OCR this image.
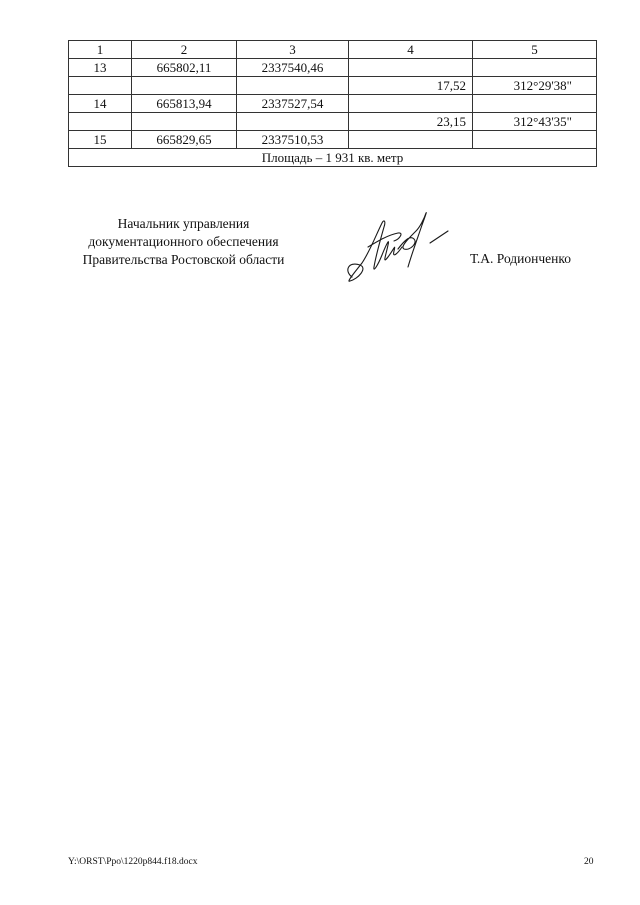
1	2	3	4	5
13	665802,11	2337540,46		
			17,52	312°29'38"
14	665813,94	2337527,54		
			23,15	312°43'35"
15	665829,65	2337510,53		
Площадь – 1 931 кв. метр				
Начальник управления
документационного обеспечения
Правительства Ростовской области	Т.А. Родионченко
Y:\ORST\Ppo\1220p844.f18.docx	20
